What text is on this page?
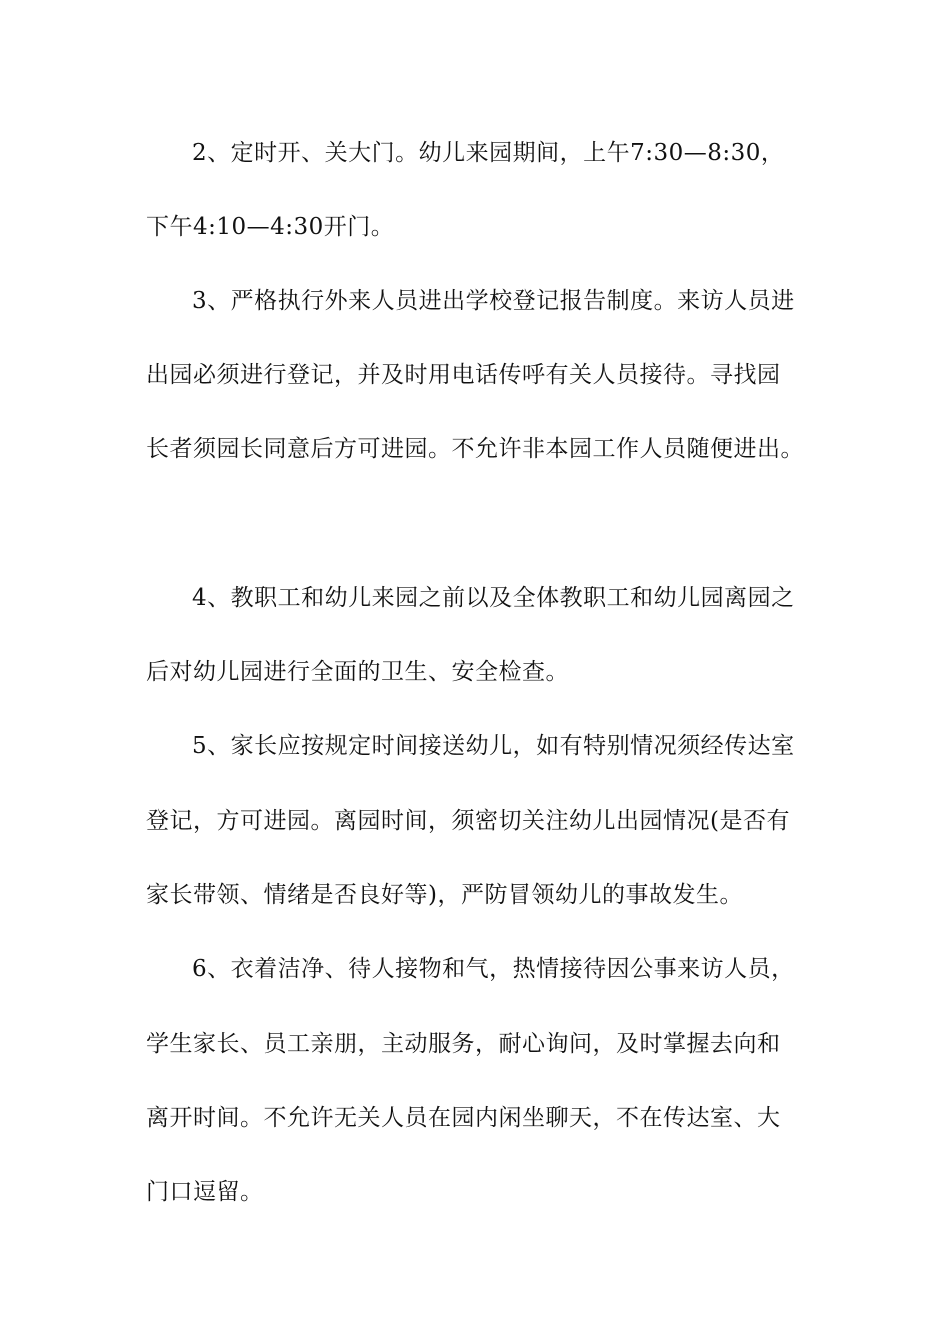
2、定时开、关大门。幼儿来园期间，上午7:30—8:30，
下午4:10—4:30开门。
3、严格执行外来人员进出学校登记报告制度。来访人员进
出园必须进行登记，并及时用电话传呼有关人员接待。寻找园
长者须园长同意后方可进园。不允许非本园工作人员随便进出。
4、教职工和幼儿来园之前以及全体教职工和幼儿园离园之
后对幼儿园进行全面的卫生、安全检查。
5、家长应按规定时间接送幼儿，如有特别情况须经传达室
登记，方可进园。离园时间，须密切关注幼儿出园情况(是否有
家长带领、情绪是否良好等)，严防冒领幼儿的事故发生。
6、衣着洁净、待人接物和气，热情接待因公事来访人员，
学生家长、员工亲朋，主动服务，耐心询问，及时掌握去向和
离开时间。不允许无关人员在园内闲坐聊天，不在传达室、大
门口逗留。
